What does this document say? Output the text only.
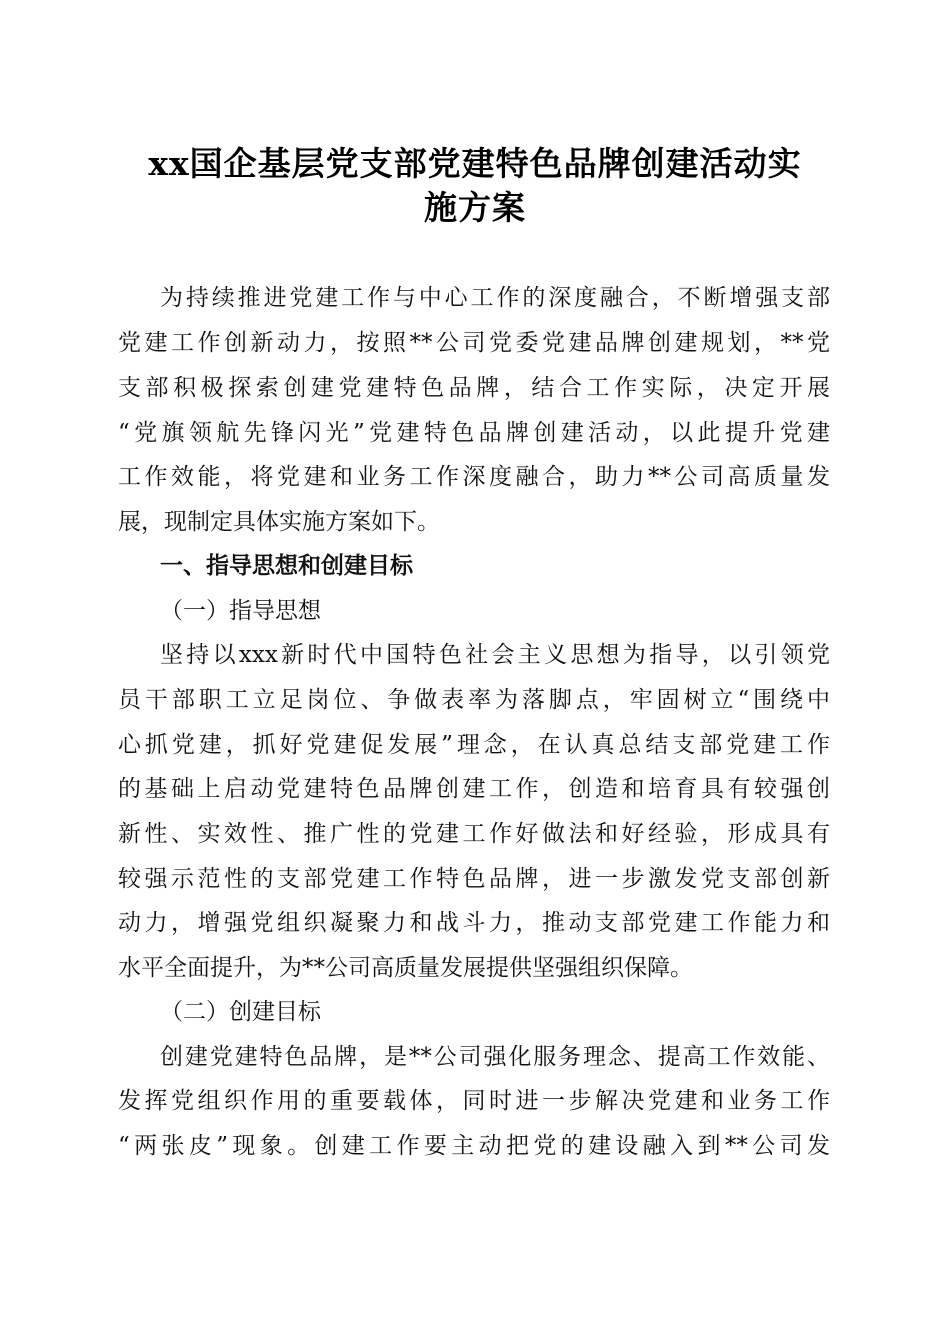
xx国企基层党支部党建特色品牌创建活动实
施方案
为持续推进党建工作与中心工作的深度融合，不断增强支部
党建工作创新动力，按照**公司党委党建品牌创建规划，**党
支部积极探索创建党建特色品牌，结合工作实际，决定开展
“党旗领航先锋闪光”党建特色品牌创建活动，以此提升党建
工作效能，将党建和业务工作深度融合，助力**公司高质量发
展，现制定具体实施方案如下。
一、指导思想和创建目标
（一）指导思想
坚持以xxx新时代中国特色社会主义思想为指导，以引领党
员干部职工立足岗位、争做表率为落脚点，牢固树立“围绕中
心抓党建，抓好党建促发展”理念，在认真总结支部党建工作
的基础上启动党建特色品牌创建工作，创造和培育具有较强创
新性、实效性、推广性的党建工作好做法和好经验，形成具有
较强示范性的支部党建工作特色品牌，进一步激发党支部创新
动力，增强党组织凝聚力和战斗力，推动支部党建工作能力和
水平全面提升，为**公司高质量发展提供坚强组织保障。
（二）创建目标
创建党建特色品牌，是**公司强化服务理念、提高工作效能、
发挥党组织作用的重要载体，同时进一步解决党建和业务工作
“两张皮”现象。创建工作要主动把党的建设融入到**公司发
